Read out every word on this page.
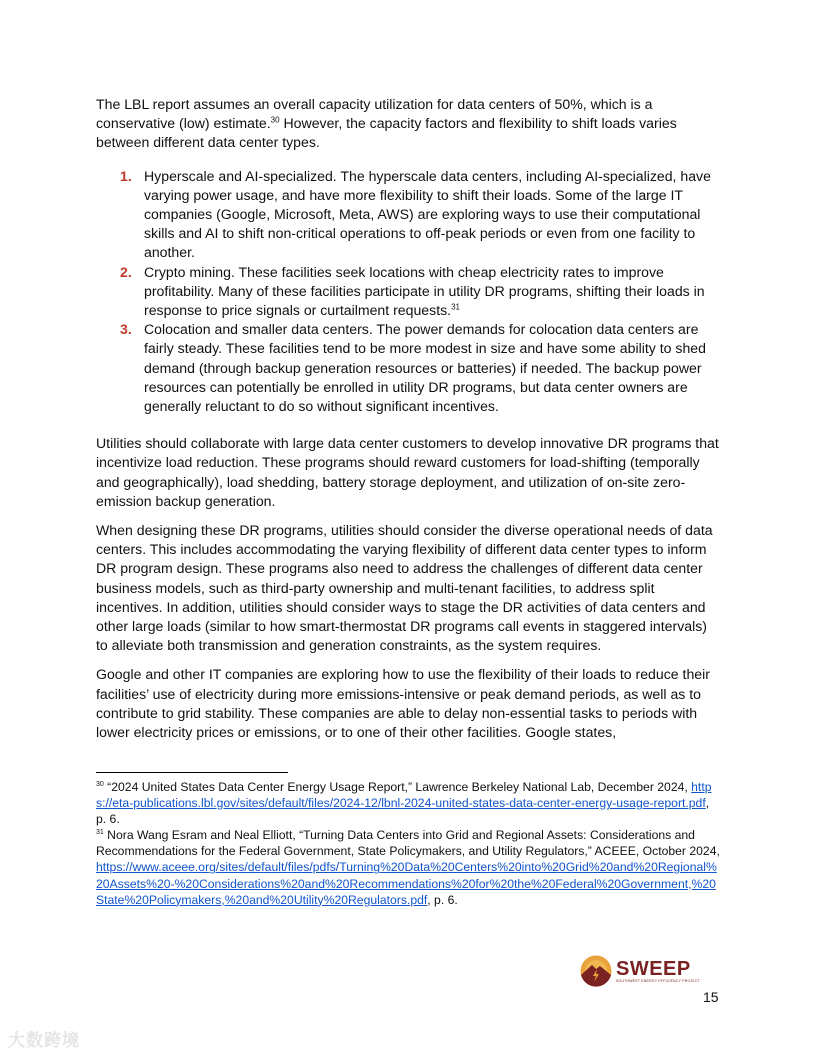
The LBL report assumes an overall capacity utilization for data centers of 50%, which is a conservative (low) estimate.$^{30}$ However, the capacity factors and flexibility to shift loads varies between different data center types.

1. Hyperscale and AI-specialized. The hyperscale data centers, including AI-specialized, have varying power usage, and have more flexibility to shift their loads. Some of the large IT companies (Google, Microsoft, Meta, AWS) are exploring ways to use their computational skills and AI to shift non-critical operations to off-peak periods or even from one facility to another.
2. Crypto mining. These facilities seek locations with cheap electricity rates to improve profitability. Many of these facilities participate in utility DR programs, shifting their loads in response to price signals or curtailment requests.$^{31}$
3. Colocation and smaller data centers. The power demands for colocation data centers are fairly steady. These facilities tend to be more modest in size and have some ability to shed demand (through backup generation resources or batteries) if needed. The backup power resources can potentially be enrolled in utility DR programs, but data center owners are generally reluctant to do so without significant incentives.

Utilities should collaborate with large data center customers to develop innovative DR programs that incentivize load reduction. These programs should reward customers for load-shifting (temporally and geographically), load shedding, battery storage deployment, and utilization of on-site zero-emission backup generation.

When designing these DR programs, utilities should consider the diverse operational needs of data centers. This includes accommodating the varying flexibility of different data center types to inform DR program design. These programs also need to address the challenges of different data center business models, such as third-party ownership and multi-tenant facilities, to address split incentives. In addition, utilities should consider ways to stage the DR activities of data centers and other large loads (similar to how smart-thermostat DR programs call events in staggered intervals) to alleviate both transmission and generation constraints, as the system requires.

Google and other IT companies are exploring how to use the flexibility of their loads to reduce their facilities’ use of electricity during more emissions-intensive or peak demand periods, as well as to contribute to grid stability. These companies are able to delay non-essential tasks to periods with lower electricity prices or emissions, or to one of their other facilities. Google states,

$^{30}$ “2024 United States Data Center Energy Usage Report,” Lawrence Berkeley National Lab, December 2024, https://eta-publications.lbl.gov/sites/default/files/2024-12/lbnl-2024-united-states-data-center-energy-usage-report.pdf, p. 6.
$^{31}$ Nora Wang Esram and Neal Elliott, “Turning Data Centers into Grid and Regional Assets: Considerations and Recommendations for the Federal Government, State Policymakers, and Utility Regulators,” ACEEE, October 2024, https://www.aceee.org/sites/default/files/pdfs/Turning%20Data%20Centers%20into%20Grid%20and%20Regional%20Assets%20-%20Considerations%20and%20Recommendations%20for%20the%20Federal%20Government,%20State%20Policymakers,%20and%20Utility%20Regulators.pdf, p. 6.
SWEEP
SOUTHWEST ENERGY EFFICIENCY PROJECT
15
大数跨境
